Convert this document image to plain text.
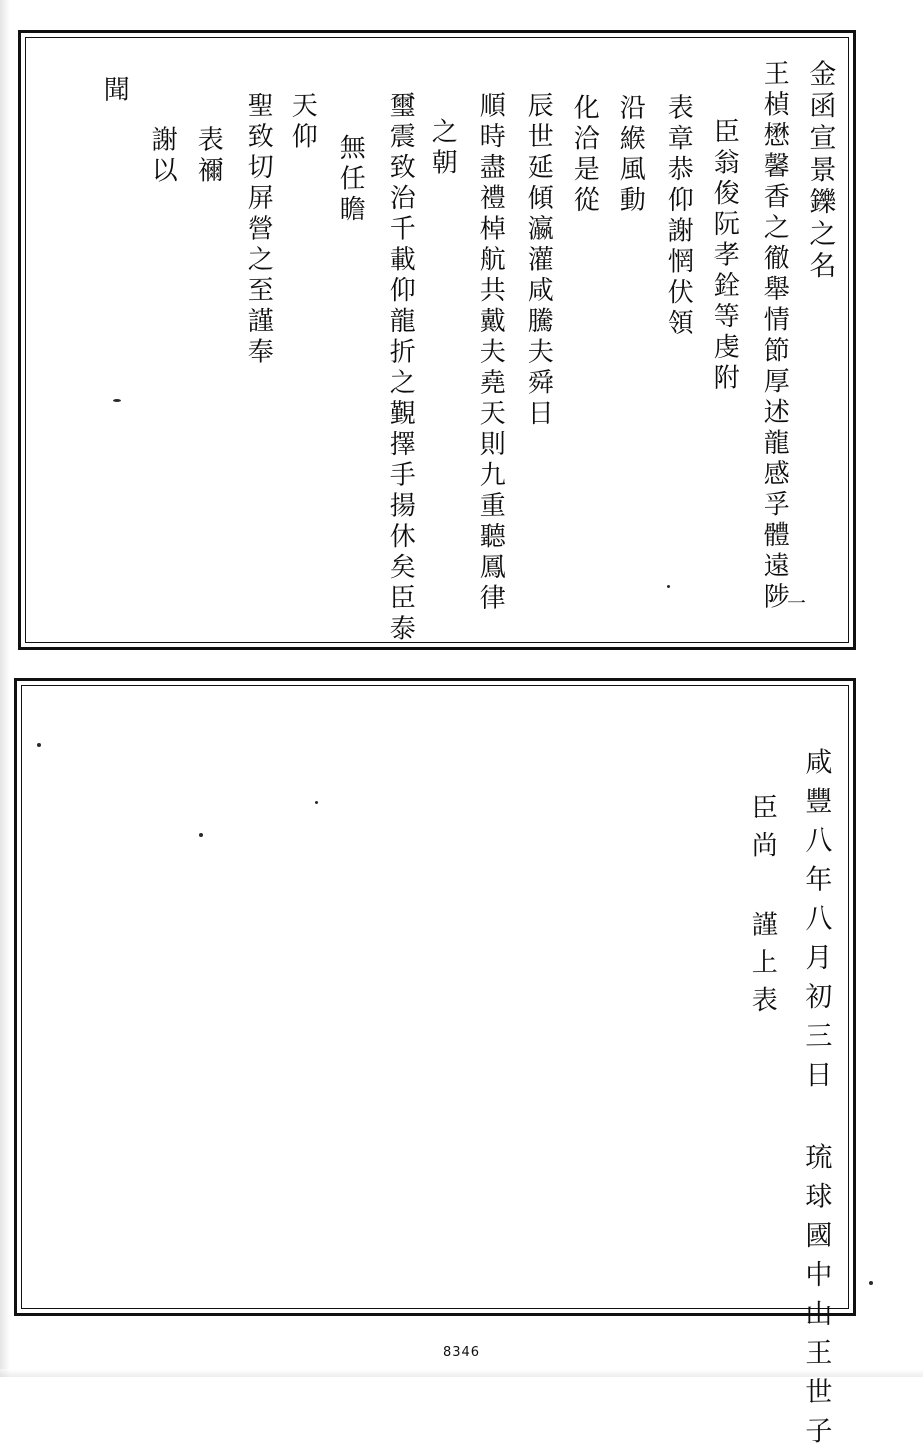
金函宣景鑠之名
王楨懋馨香之徹舉情節厚述龍感孚體遠陟
臣翁俊阮孝銓等虔附
表章恭仰謝惘伏領
沿緱風動
化洽是從
辰世延傾瀛灌咸騰夫舜日
順時盡禮棹航共戴夫堯天則九重聽鳳律
之朝
璽震致治千載仰龍折之覲擇手揚休矣臣泰
無任瞻
天仰
聖致切屏營之至謹奉
表禰
謝以
聞
一
咸豐八年八月初三日 琉球國中山王世子
臣尚 謹上表
8346
